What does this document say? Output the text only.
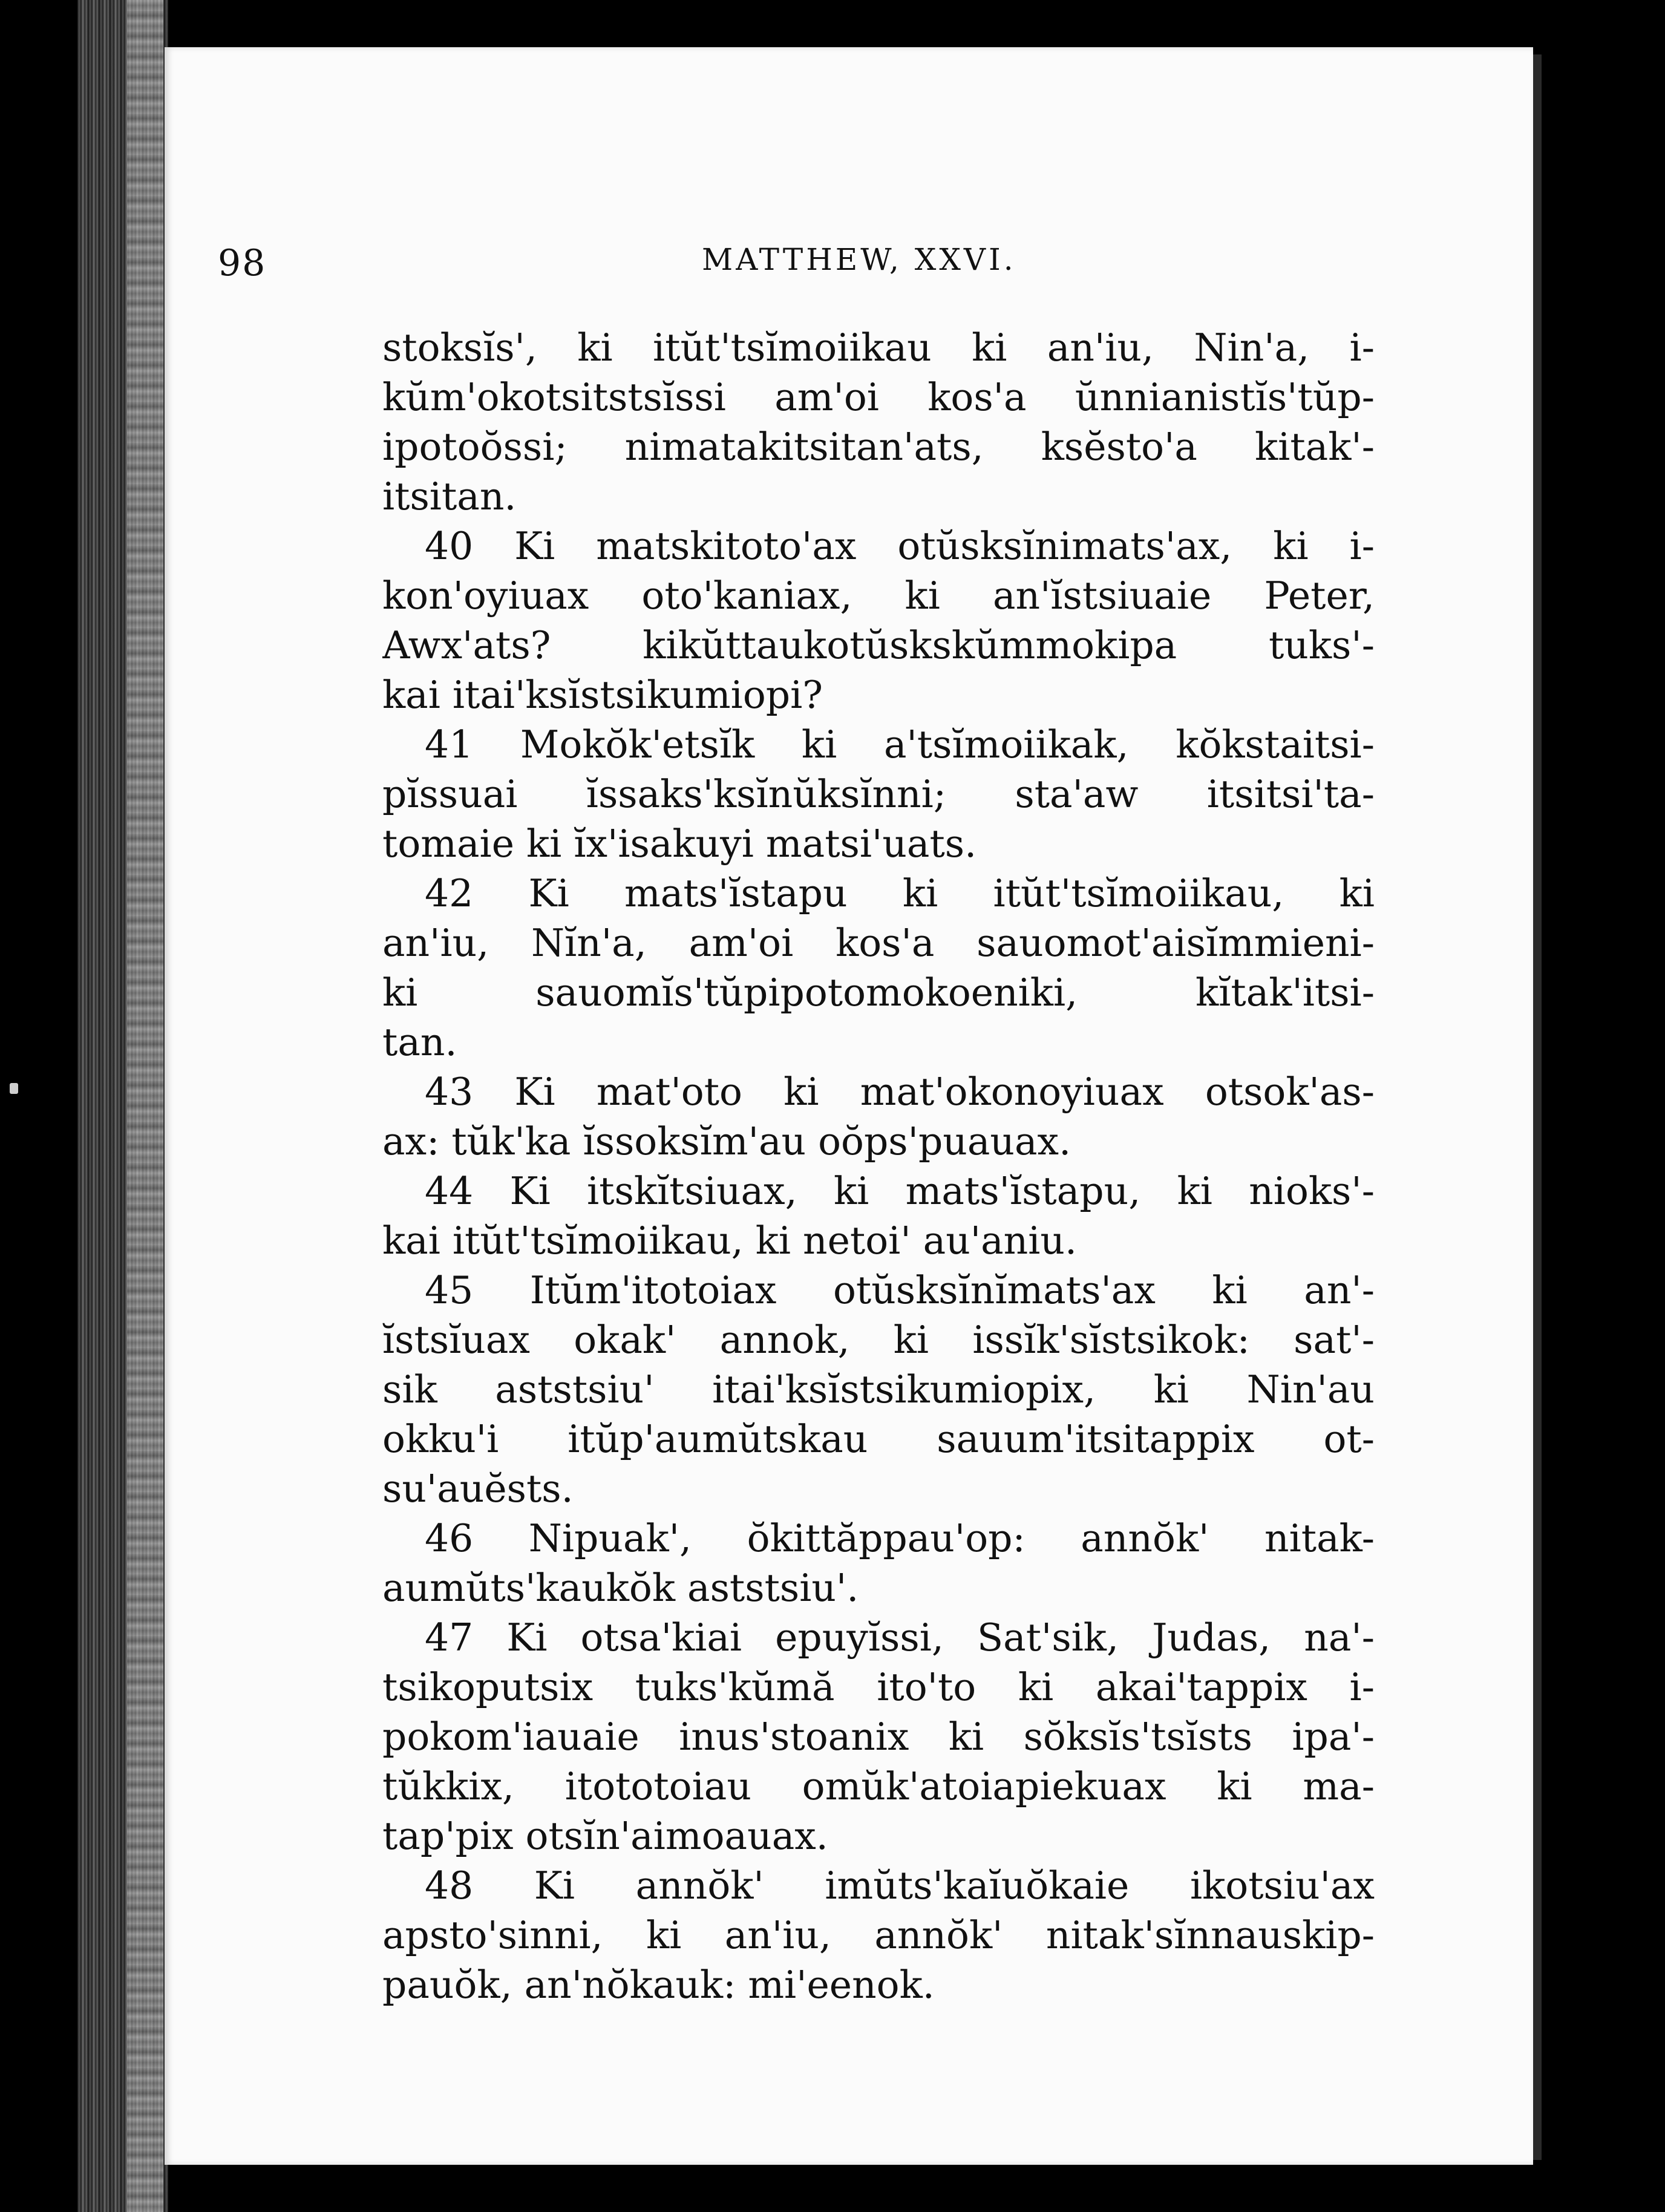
98	MATTHEW, XXVI.
stoksĭs', ki itŭt'tsĭmoiikau ki an'iu, Nin'a, i-
kŭm'okotsitstsĭssi am'oi kos'a ŭnnianistĭs'tŭp-
ipotoŏssi; nimatakitsitan'ats, ksĕsto'a kitak'-
itsitan.
40 Ki matskitoto'ax otŭsksĭnimats'ax, ki i-
kon'oyiuax oto'kaniax, ki an'ĭstsiuaie Peter,
Awx'ats? kikŭttaukotŭskskŭmmokipa tuks'-
kai itai'ksĭstsikumiopi?
41 Mokŏk'etsĭk ki a'tsĭmoiikak, kŏkstaitsi-
pĭssuai ĭssaks'ksĭnŭksĭnni; sta'aw itsitsi'ta-
tomaie ki ĭx'isakuyi matsi'uats.
42 Ki mats'ĭstapu ki itŭt'tsĭmoiikau, ki
an'iu, Nĭn'a, am'oi kos'a sauomot'aisĭmmieni-
ki sauomĭs'tŭpipotomokoeniki, kĭtak'itsi-
tan.
43 Ki mat'oto ki mat'okonoyiuax otsok'as-
ax: tŭk'ka ĭssoksĭm'au oŏps'puauax.
44 Ki itskĭtsiuax, ki mats'ĭstapu, ki nioks'-
kai itŭt'tsĭmoiikau, ki netoi' au'aniu.
45 Itŭm'itotoiax otŭsksĭnĭmats'ax ki an'-
ĭstsĭuax okak' annok, ki issĭk'sĭstsikok: sat'-
sik aststsiu' itai'ksĭstsikumiopix, ki Nin'au
okku'i itŭp'aumŭtskau sauum'itsitappix ot-
su'auĕsts.
46 Nipuak', ŏkittăppau'op: annŏk' nitak-
aumŭts'kaukŏk aststsiu'.
47 Ki otsa'kiai epuyĭssi, Sat'sik, Judas, na'-
tsikoputsix tuks'kŭmă ito'to ki akai'tappix i-
pokom'iauaie inus'stoanix ki sŏksĭs'tsĭsts ipa'-
tŭkkix, itototoiau omŭk'atoiapiekuax ki ma-
tap'pix otsĭn'aimoauax.
48 Ki annŏk' imŭts'kaĭuŏkaie ikotsiu'ax
apsto'sinni, ki an'iu, annŏk' nitak'sĭnnauskip-
pauŏk, an'nŏkauk: mi'eenok.
